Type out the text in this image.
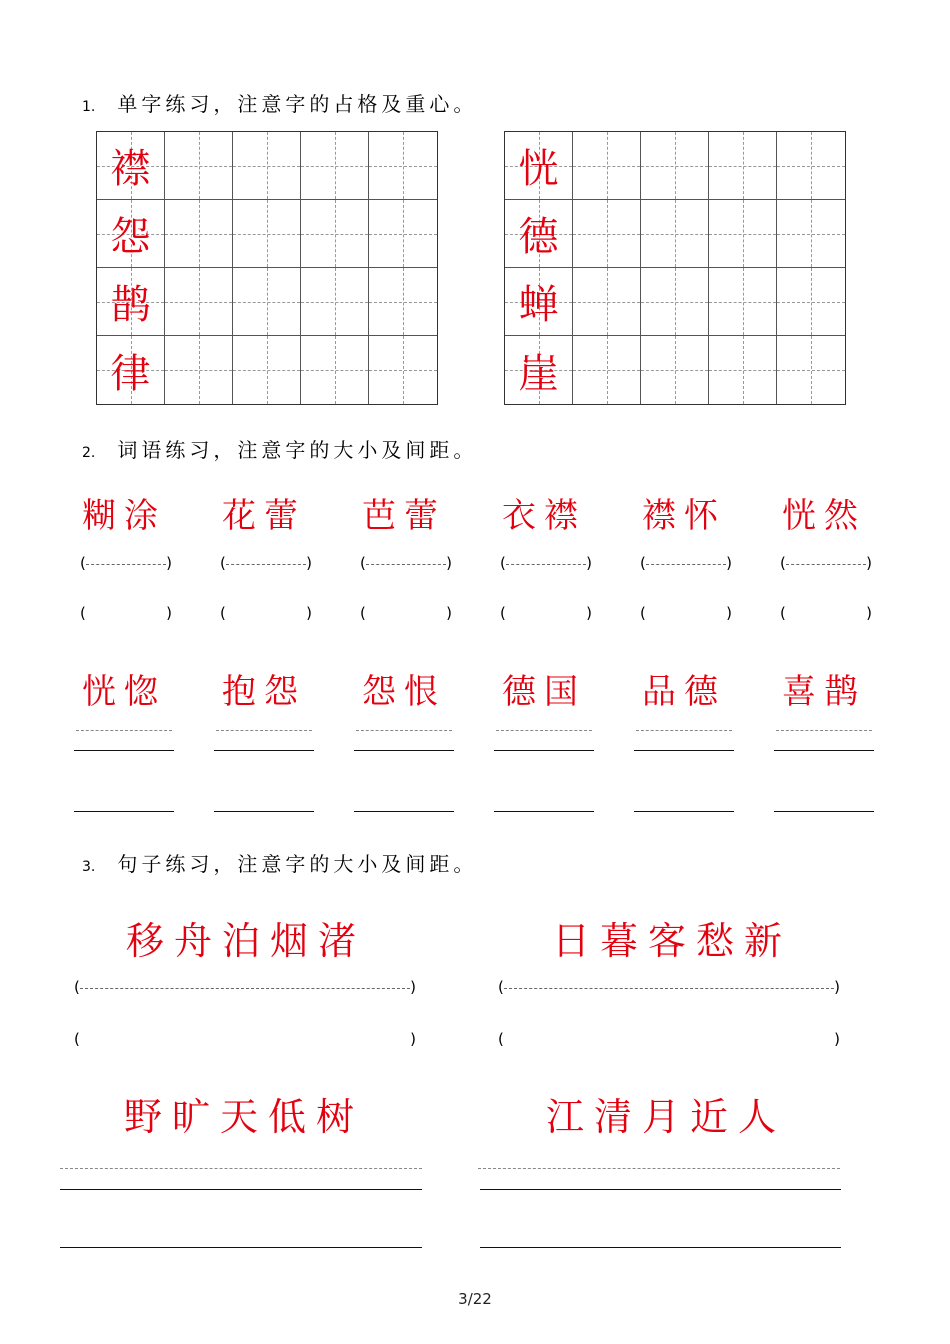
1. 单字练习，注意字的占格及重心。
襟
怨
鹊
律
恍
德
蝉
崖
2. 词语练习，注意字的大小及间距。
糊涂
(	)
(	)
恍惚
花蕾
(	)
(	)
抱怨
芭蕾
(	)
(	)
怨恨
衣襟
(	)
(	)
德国
襟怀
(	)
(	)
品德
恍然
(	)
(	)
喜鹊
3. 句子练习，注意字的大小及间距。
移舟泊烟渚	日暮客愁新
(	)	(	)
(	)	(	)
野旷天低树	江清月近人
3/22
